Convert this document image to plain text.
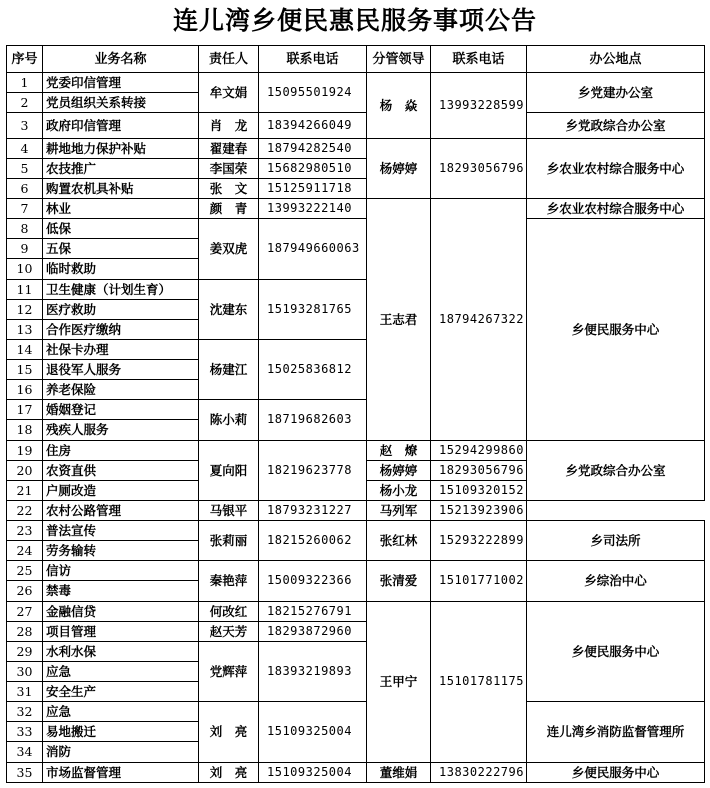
连儿湾乡便民惠民服务事项公告
序号	业务名称	责任人	联系电话	分管领导	联系电话	办公地点
1	党委印信管理	牟文娟	15095501924	杨　焱	13993228599	乡党建办公室
2	党员组织关系转接					
3	政府印信管理	肖　龙	18394266049			乡党政综合办公室
4	耕地地力保护补贴	翟建春	18794282540	杨婷婷	18293056796	乡农业农村综合服务中心
5	农技推广	李国荣	15682980510			
6	购置农机具补贴	张　文	15125911718			
7	林业	颜　青	13993222140	王志君	18794267322	乡农业农村综合服务中心
8	低保	姜双虎	187949660063			乡便民服务中心
9	五保					
10	临时救助					
11	卫生健康（计划生育）	沈建东	15193281765			
12	医疗救助					
13	合作医疗缴纳					
14	社保卡办理	杨建江	15025836812			
15	退役军人服务					
16	养老保险					
17	婚姻登记	陈小莉	18719682603			
18	残疾人服务					
19	住房	夏向阳	18219623778	赵　燎	15294299860	乡党政综合办公室
20	农资直供			杨婷婷	18293056796	
21	户厕改造			杨小龙	15109320152	
22	农村公路管理	马银平	18793231227	马列军	15213923906	
23	普法宣传	张莉丽	18215260062	张红林	15293222899	乡司法所
24	劳务输转					
25	信访	秦艳萍	15009322366	张清爱	15101771002	乡综治中心
26	禁毒					
27	金融信贷	何改红	18215276791	王甲宁	15101781175	乡便民服务中心
28	项目管理	赵天芳	18293872960			
29	水利水保	党辉萍	18393219893			
30	应急					
31	安全生产					
32	应急	刘　亮	15109325004			连儿湾乡消防监督管理所
33	易地搬迁					
34	消防					
35	市场监督管理	刘　亮	15109325004	董维娟	13830222796	乡便民服务中心
